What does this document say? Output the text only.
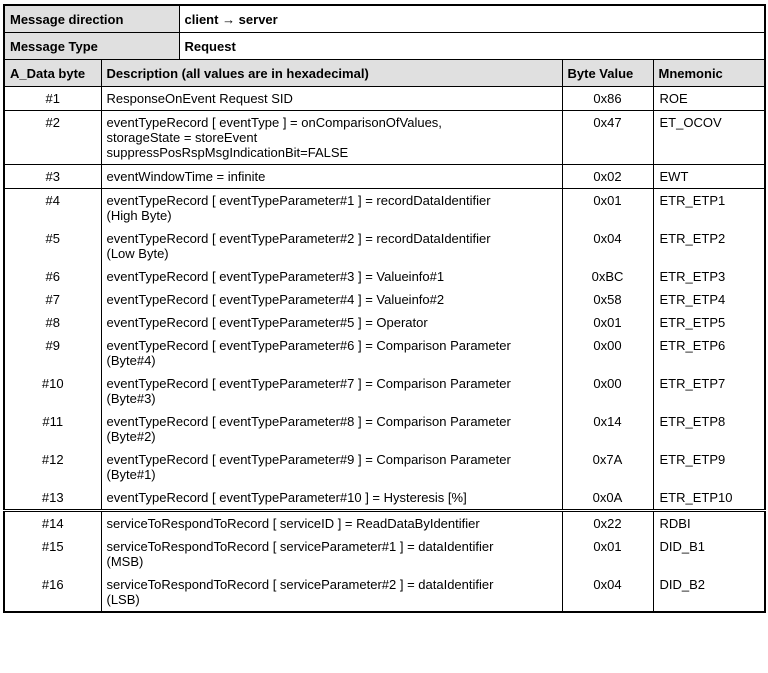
Message direction		client → server		
Message Type		Request		
A_Data byte	Description (all values are in hexadecimal)		Byte Value	Mnemonic
#1	ResponseOnEvent Request SID		0x86	ROE
#2	eventTypeRecord [ eventType ] = onComparisonOfValues,
storageState = storeEvent
suppressPosRspMsgIndicationBit=FALSE		0x47	ET_OCOV
#3	eventWindowTime = infinite		0x02	EWT
#4	eventTypeRecord [ eventTypeParameter#1 ] = recordDataIdentifier
(High Byte)		0x01	ETR_ETP1
#5	eventTypeRecord [ eventTypeParameter#2 ] = recordDataIdentifier
(Low Byte)		0x04	ETR_ETP2
#6	eventTypeRecord [ eventTypeParameter#3 ] = Valueinfo#1		0xBC	ETR_ETP3
#7	eventTypeRecord [ eventTypeParameter#4 ] = Valueinfo#2		0x58	ETR_ETP4
#8	eventTypeRecord [ eventTypeParameter#5 ] = Operator		0x01	ETR_ETP5
#9	eventTypeRecord [ eventTypeParameter#6 ] = Comparison Parameter
(Byte#4)		0x00	ETR_ETP6
#10	eventTypeRecord [ eventTypeParameter#7 ] = Comparison Parameter
(Byte#3)		0x00	ETR_ETP7
#11	eventTypeRecord [ eventTypeParameter#8 ] = Comparison Parameter
(Byte#2)		0x14	ETR_ETP8
#12	eventTypeRecord [ eventTypeParameter#9 ] = Comparison Parameter
(Byte#1)		0x7A	ETR_ETP9
#13	eventTypeRecord [ eventTypeParameter#10 ] = Hysteresis [%]		0x0A	ETR_ETP10
#14	serviceToRespondToRecord [ serviceID ] = ReadDataByIdentifier		0x22	RDBI
#15	serviceToRespondToRecord [ serviceParameter#1 ] = dataIdentifier
(MSB)		0x01	DID_B1
#16	serviceToRespondToRecord [ serviceParameter#2 ] = dataIdentifier
(LSB)		0x04	DID_B2
